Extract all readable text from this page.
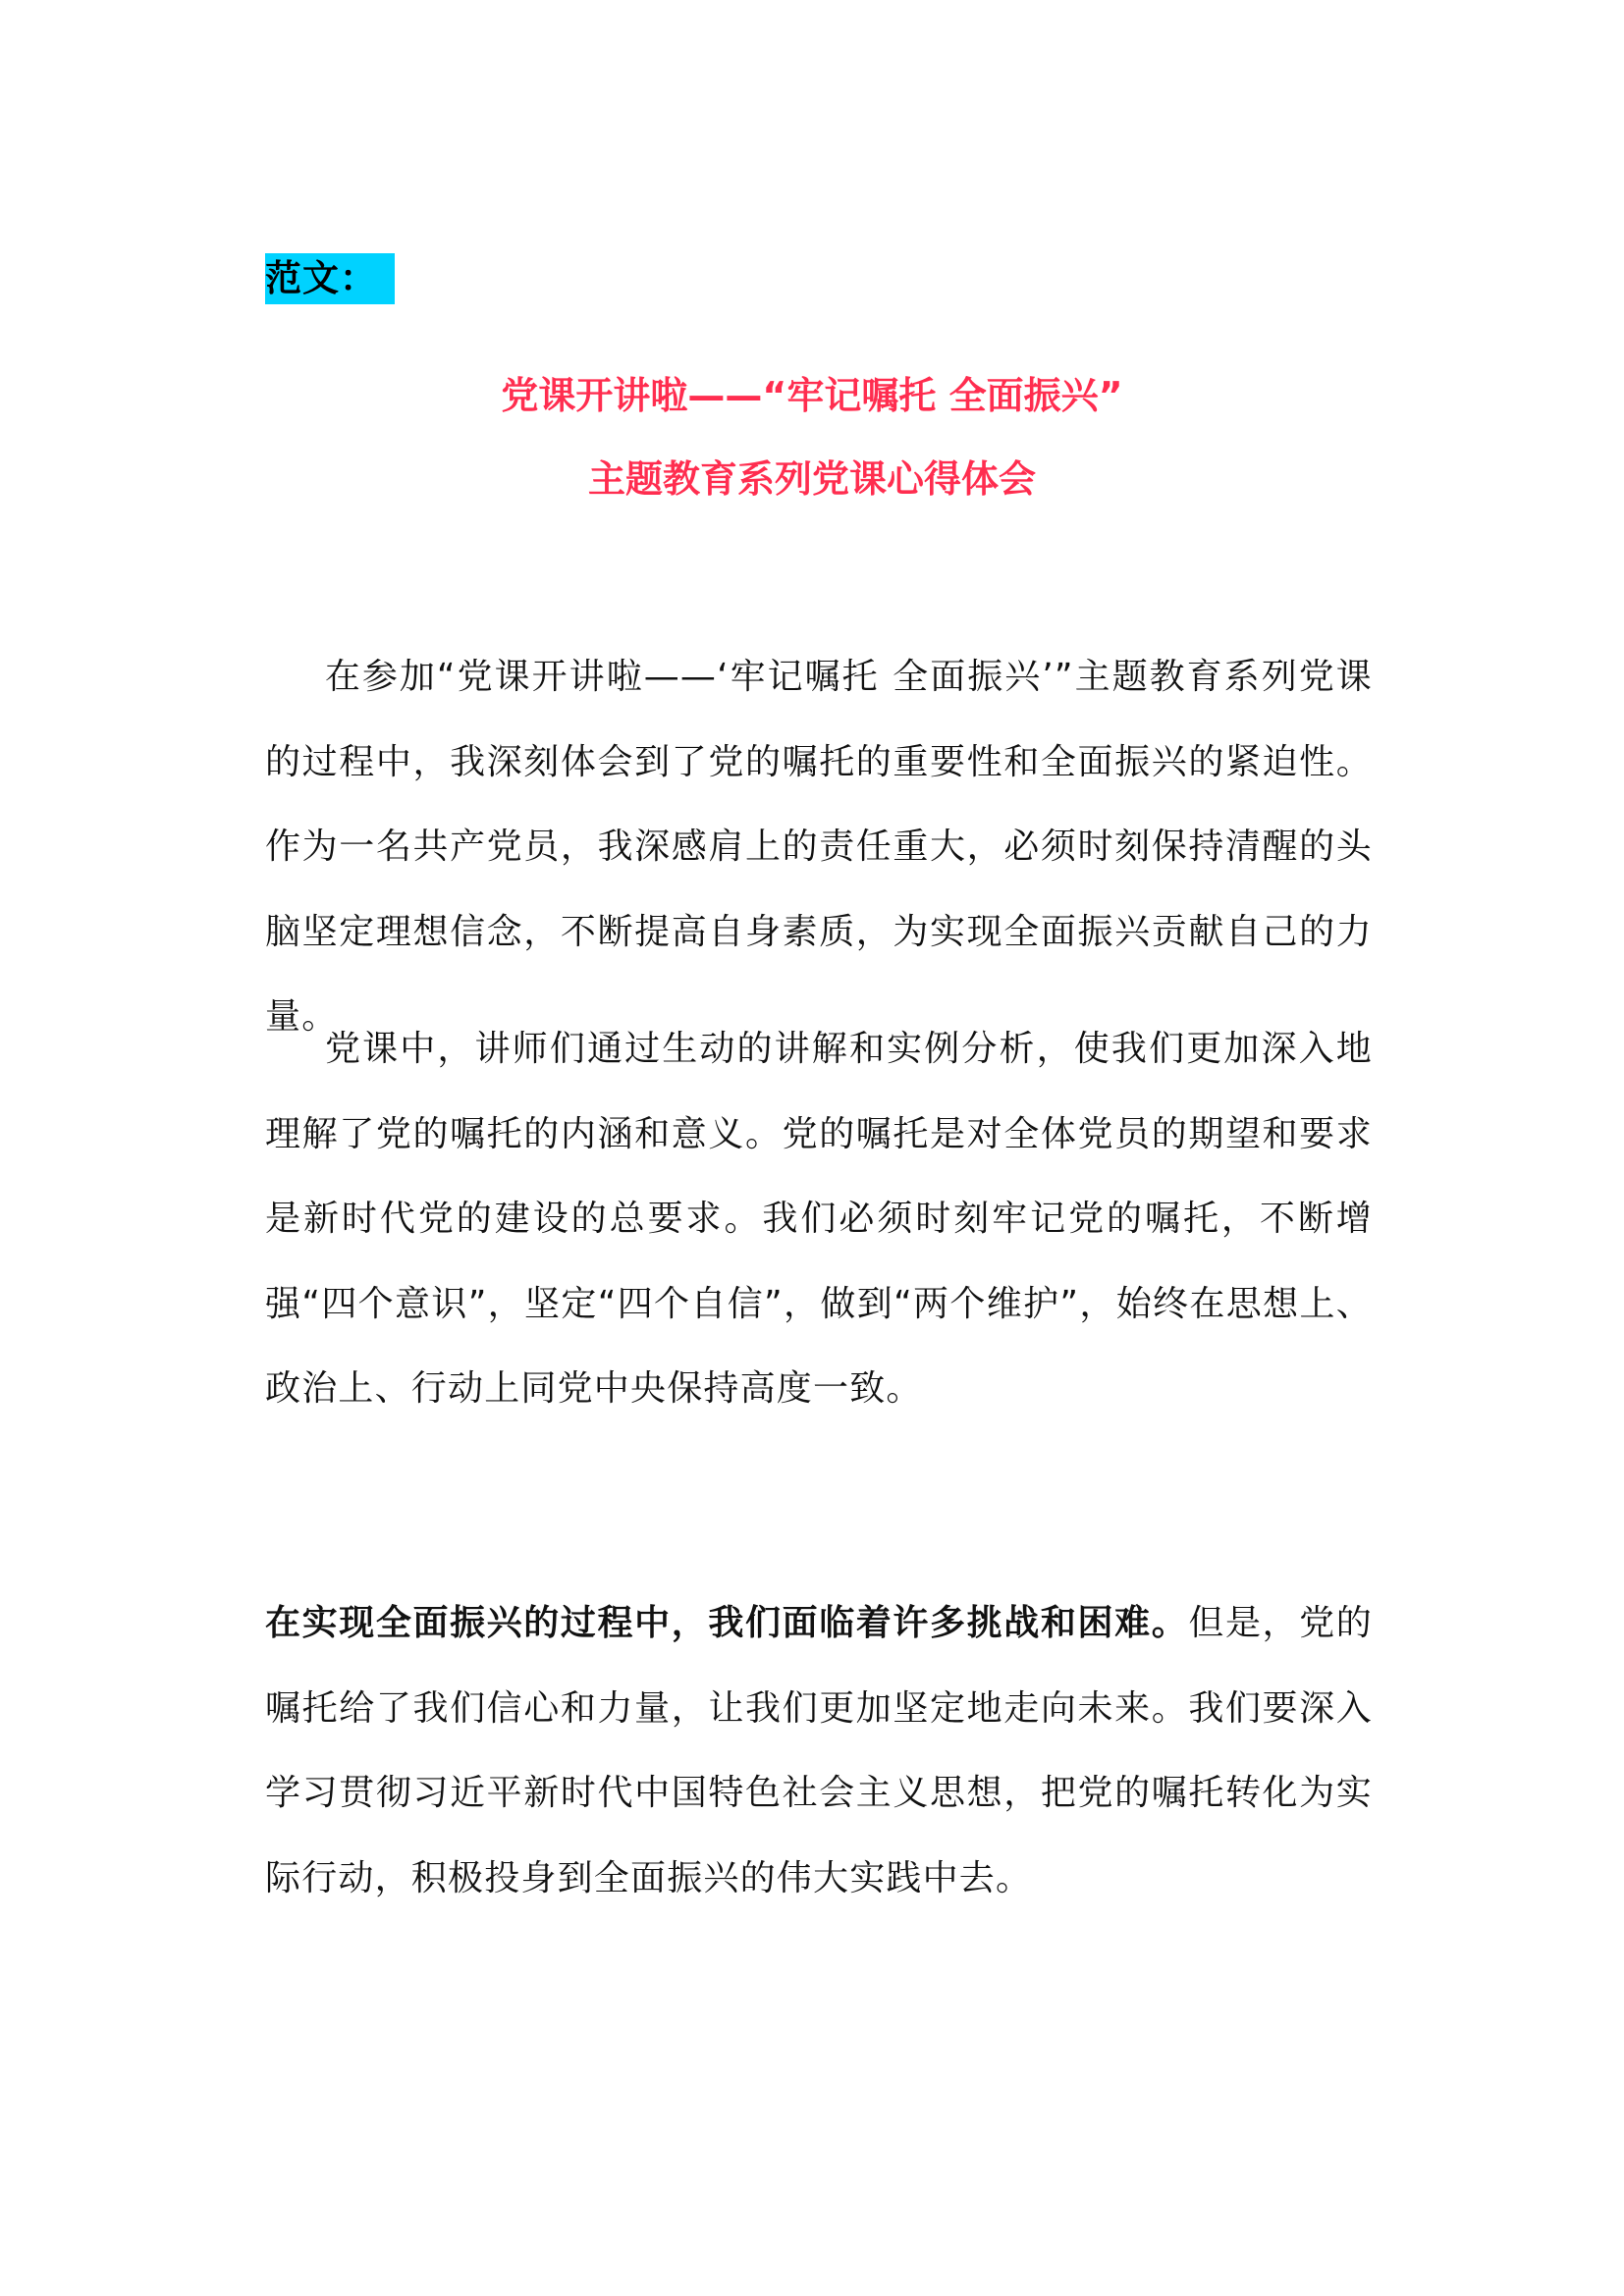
范文：
党课开讲啦——“牢记嘱托 全面振兴”
主题教育系列党课心得体会

在参加“党课开讲啦——‘牢记嘱托 全面振兴’”主题教育系列党课的过程中，我深刻体会到了党的嘱托的重要性和全面振兴的紧迫性。作为一名共产党员，我深感肩上的责任重大，必须时刻保持清醒的头脑坚定理想信念，不断提高自身素质，为实现全面振兴贡献自己的力量。

党课中，讲师们通过生动的讲解和实例分析，使我们更加深入地理解了党的嘱托的内涵和意义。党的嘱托是对全体党员的期望和要求是新时代党的建设的总要求。我们必须时刻牢记党的嘱托，不断增强“四个意识”，坚定“四个自信”，做到“两个维护”，始终在思想上、政治上、行动上同党中央保持高度一致。

在实现全面振兴的过程中，我们面临着许多挑战和困难。但是，党的嘱托给了我们信心和力量，让我们更加坚定地走向未来。我们要深入学习贯彻习近平新时代中国特色社会主义思想，把党的嘱托转化为实际行动，积极投身到全面振兴的伟大实践中去。
